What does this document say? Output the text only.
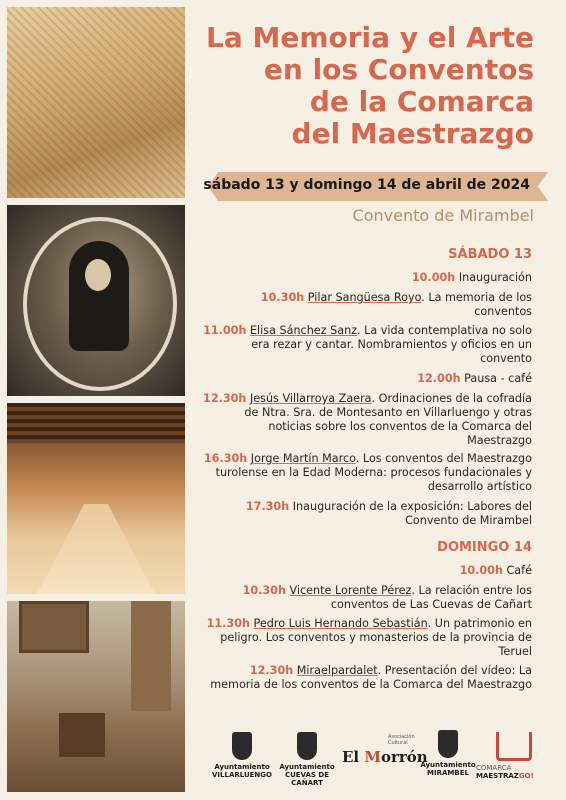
La Memoria y el Arte
en los Conventos
de la Comarca
del Maestrazgo
sábado 13 y domingo 14 de abril de 2024
Convento de Mirambel
SÁBADO 13
10.00h Inauguración
10.30h Pilar Sangüesa Royo. La memoria de los conventos
11.00h Elisa Sánchez Sanz. La vida contemplativa no solo era rezar y cantar. Nombramientos y oficios en un convento
12.00h Pausa - café
12.30h Jesús Villarroya Zaera. Ordinaciones de la cofradía de Ntra. Sra. de Montesanto en Villarluengo y otras noticias sobre los conventos de la Comarca del Maestrazgo
16.30h Jorge Martín Marco. Los conventos del Maestrazgo turolense en la Edad Moderna: procesos fundacionales y desarrollo artístico
17.30h Inauguración de la exposición: Labores del Convento de Mirambel
DOMINGO 14
10.00h Café
10.30h Vicente Lorente Pérez. La relación entre los conventos de Las Cuevas de Cañart
11.30h Pedro Luis Hernando Sebastián. Un patrimonio en peligro. Los conventos y monasterios de la provincia de Teruel
12.30h Miraelpardalet. Presentación del vídeo: La memoria de los conventos de la Comarca del Maestrazgo
Ayuntamiento
VILLARLUENGO
Ayuntamiento
CUEVAS DE CAÑART
Asociación
Cultural
El Morrón
Ayuntamiento
MIRAMBEL
COMARCA
MAESTRAZGO!
